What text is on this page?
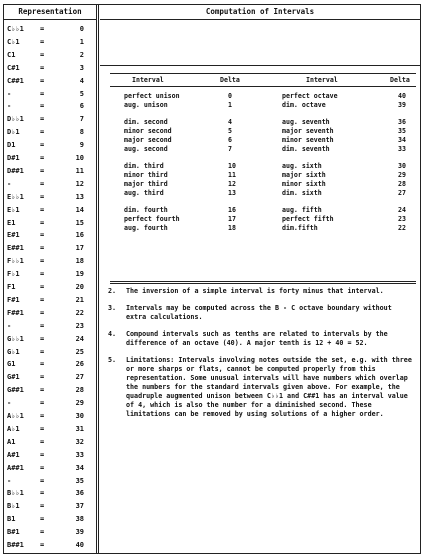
Representation
C♭♭1 =	0
C♭1	=	1
C1	=	2
C#1	=	3
C##1 =	4
-	=	5
-	=	6
D♭♭1 =	7
D♭1	=	8
D1	=	9
D#1	=	10
D##1 =	11
-	=	12
E♭♭1 =	13
E♭1	=	14
E1	=	15
E#1	=	16
E##1 =	17
F♭♭1 =	18
F♭1	=	19
F1	=	20
F#1	=	21
F##1 =	22
-	=	23
G♭♭1 =	24
G♭1	=	25
G1	=	26
G#1	=	27
G##1 =	28
-	=	29
A♭♭1 =	30
A♭1	=	31
A1	=	32
A#1	=	33
A##1 =	34
-	=	35
B♭♭1 =	36
B♭1	=	37
B1	=	38
B#1	=	39
B##1 =	40
Computation of Intervals
Interval	Delta	Interval	Delta
perfect unison	0	perfect octave	40
aug. unison	1	dim. octave	39
dim. second	4	aug. seventh	36
minor second	5	major seventh	35
major second	6	minor seventh	34
aug. second	7	dim. seventh	33
dim. third	10	aug. sixth	30
minor third	11	major sixth	29
major third	12	minor sixth	28
aug. third	13	dim. sixth	27
dim. fourth	16	aug. fifth	24
perfect fourth	17	perfect fifth	23
aug. fourth	18	dim.fifth	22
2. The inversion of a simple interval is forty minus that interval.
3. Intervals may be computed across the B - C octave boundary without extra calculations.
4. Compound intervals such as tenths are related to intervals by the difference of an octave (40). A major tenth is 12 + 40 = 52.
5. Limitations: Intervals involving notes outside the set, e.g. with three or more sharps or flats, cannot be computed properly from this representation. Some unusual intervals will have numbers which overlap the numbers for the standard intervals given above. For example, the quadruple augmented unison between C♭♭1 and C##1 has an interval value of 4, which is also the number for a diminished second. These limitations can be removed by using solutions of a higher order.
